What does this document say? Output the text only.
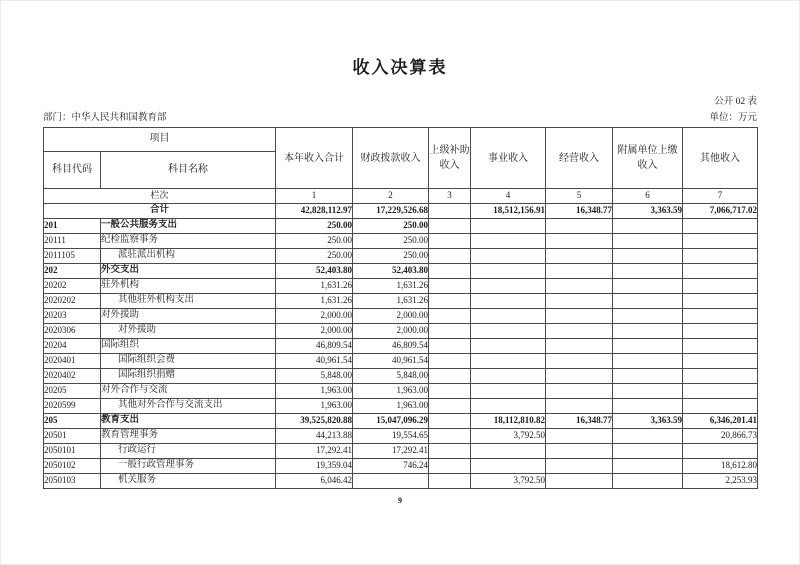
收入决算表
公开 02 表
部门：中华人民共和国教育部	单位：万元
项目		本年收入合计	财政拨款收入	上级补助收入	事业收入	经营收入	附属单位上缴收入	其他收入
科目代码	科目名称							
栏次		1	2	3	4	5	6	7
合计		42,828,112.97	17,229,526.68		18,512,156.91	16,348.77	3,363.59	7,066,717.02
201	一般公共服务支出	250.00	250.00					
20111	纪检监察事务	250.00	250.00					
2011105	派驻派出机构	250.00	250.00					
202	外交支出	52,403.80	52,403.80					
20202	驻外机构	1,631.26	1,631.26					
2020202	其他驻外机构支出	1,631.26	1,631.26					
20203	对外援助	2,000.00	2,000.00					
2020306	对外援助	2,000.00	2,000.00					
20204	国际组织	46,809.54	46,809.54					
2020401	国际组织会费	40,961.54	40,961.54					
2020402	国际组织捐赠	5,848.00	5,848.00					
20205	对外合作与交流	1,963.00	1,963.00					
2020599	其他对外合作与交流支出	1,963.00	1,963.00					
205	教育支出	39,525,820.88	15,047,096.29		18,112,810.82	16,348.77	3,363.59	6,346,201.41
20501	教育管理事务	44,213.88	19,554.65		3,792.50			20,866.73
2050101	行政运行	17,292.41	17,292.41					
2050102	一般行政管理事务	19,359.04	746.24					18,612.80
2050103	机关服务	6,046.42			3,792.50			2,253.93
9
